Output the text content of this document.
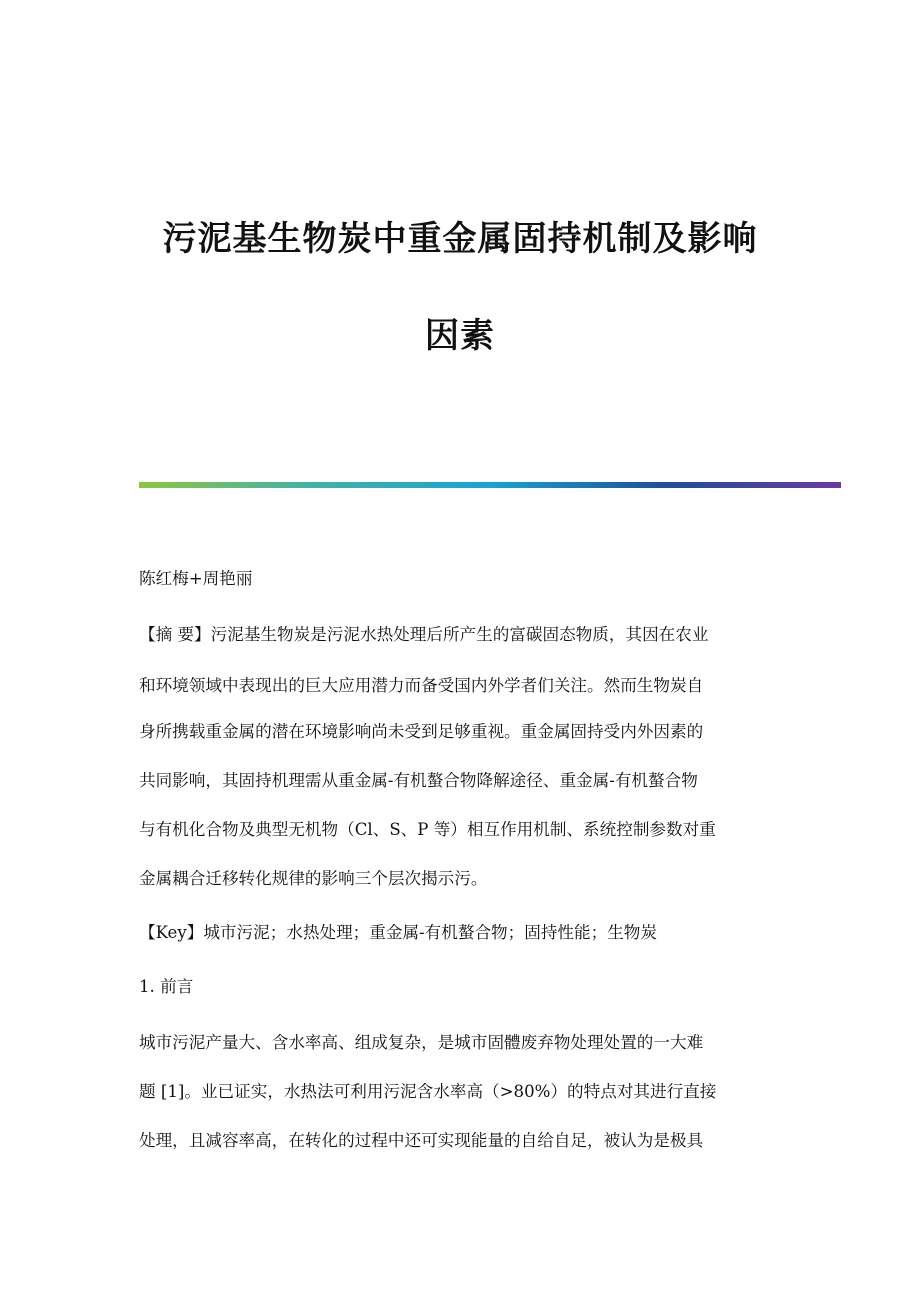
污泥基生物炭中重金属固持机制及影响
因素
陈红梅+周艳丽
【摘 要】污泥基生物炭是污泥水热处理后所产生的富碳固态物质，其因在农业
和环境领域中表现出的巨大应用潜力而备受国内外学者们关注。然而生物炭自
身所携载重金属的潜在环境影响尚未受到足够重视。重金属固持受内外因素的
共同影响，其固持机理需从重金属-有机螯合物降解途径、重金属-有机螯合物
与有机化合物及典型无机物（Cl、S、P 等）相互作用机制、系统控制参数对重
金属耦合迁移转化规律的影响三个层次揭示污。
【Key】城市污泥；水热处理；重金属-有机螯合物；固持性能；生物炭
1. 前言
城市污泥产量大、含水率高、组成复杂，是城市固體废弃物处理处置的一大难
题 [1]。业已证实，水热法可利用污泥含水率高（>80%）的特点对其进行直接
处理，且减容率高，在转化的过程中还可实现能量的自给自足，被认为是极具
